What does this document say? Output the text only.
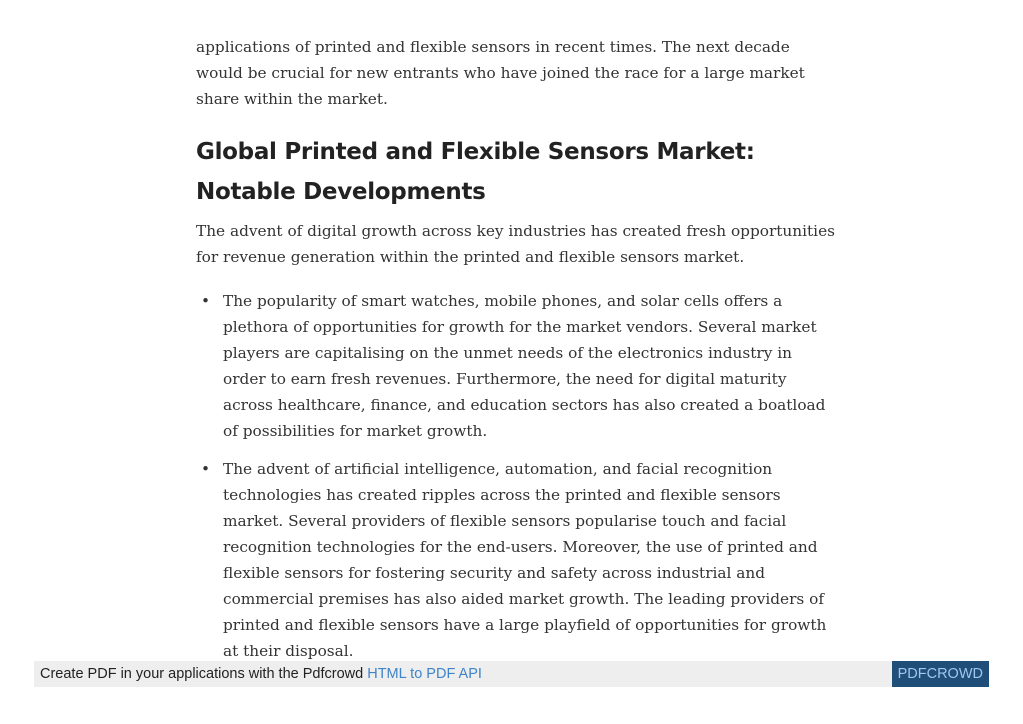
applications of printed and flexible sensors in recent times. The next decade would be crucial for new entrants who have joined the race for a large market share within the market.

Global Printed and Flexible Sensors Market: Notable Developments

The advent of digital growth across key industries has created fresh opportunities for revenue generation within the printed and flexible sensors market.

• The popularity of smart watches, mobile phones, and solar cells offers a plethora of opportunities for growth for the market vendors. Several market players are capitalising on the unmet needs of the electronics industry in order to earn fresh revenues. Furthermore, the need for digital maturity across healthcare, finance, and education sectors has also created a boatload of possibilities for market growth.
• The advent of artificial intelligence, automation, and facial recognition technologies has created ripples across the printed and flexible sensors market. Several providers of flexible sensors popularise touch and facial recognition technologies for the end-users. Moreover, the use of printed and flexible sensors for fostering security and safety across industrial and commercial premises has also aided market growth. The leading providers of printed and flexible sensors have a large playfield of opportunities for growth at their disposal.
Create PDF in your applications with the Pdfcrowd HTML to PDF API	PDFCROWD
